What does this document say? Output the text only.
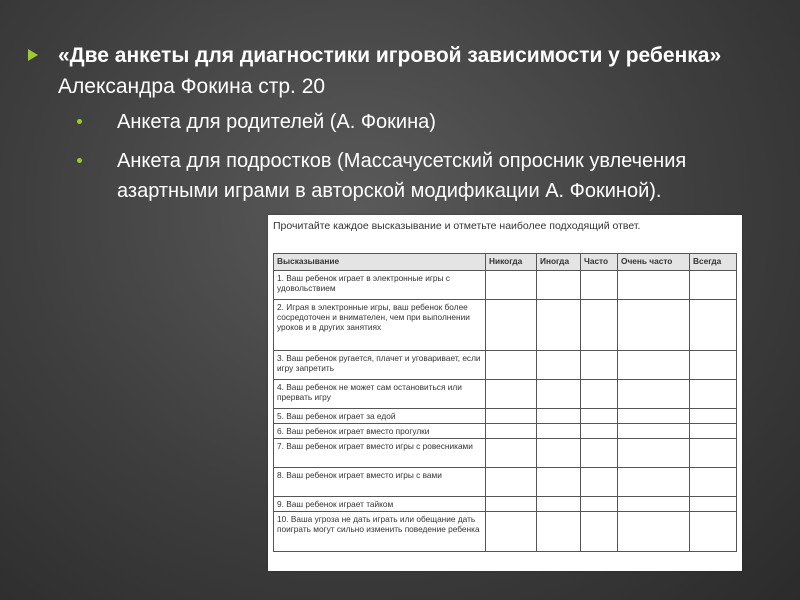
«Две анкеты для диагностики игровой зависимости у ребенка» Александра Фокина стр. 20
Анкета для родителей (А. Фокина)
Анкета для подростков (Массачусетский опросник увлечения азартными играми в авторской модификации А. Фокиной).
Прочитайте каждое высказывание и отметьте наиболее подходящий ответ.
Высказывание	Никогда	Иногда	Часто	Очень часто	Всегда
1. Ваш ребенок играет в электронные игры с удовольствием					
2. Играя в электронные игры, ваш ребенок более сосредоточен и внимателен, чем при выполнении уроков и в других занятиях					
3. Ваш ребенок ругается, плачет и уговаривает, если игру запретить					
4. Ваш ребенок не может сам остановиться или прервать игру					
5. Ваш ребенок играет за едой					
6. Ваш ребенок играет вместо прогулки					
7. Ваш ребенок играет вместо игры с ровесниками					
8. Ваш ребенок играет вместо игры с вами					
9. Ваш ребенок играет тайком					
10. Ваша угроза не дать играть или обещание дать поиграть могут сильно изменить поведение ребенка					
